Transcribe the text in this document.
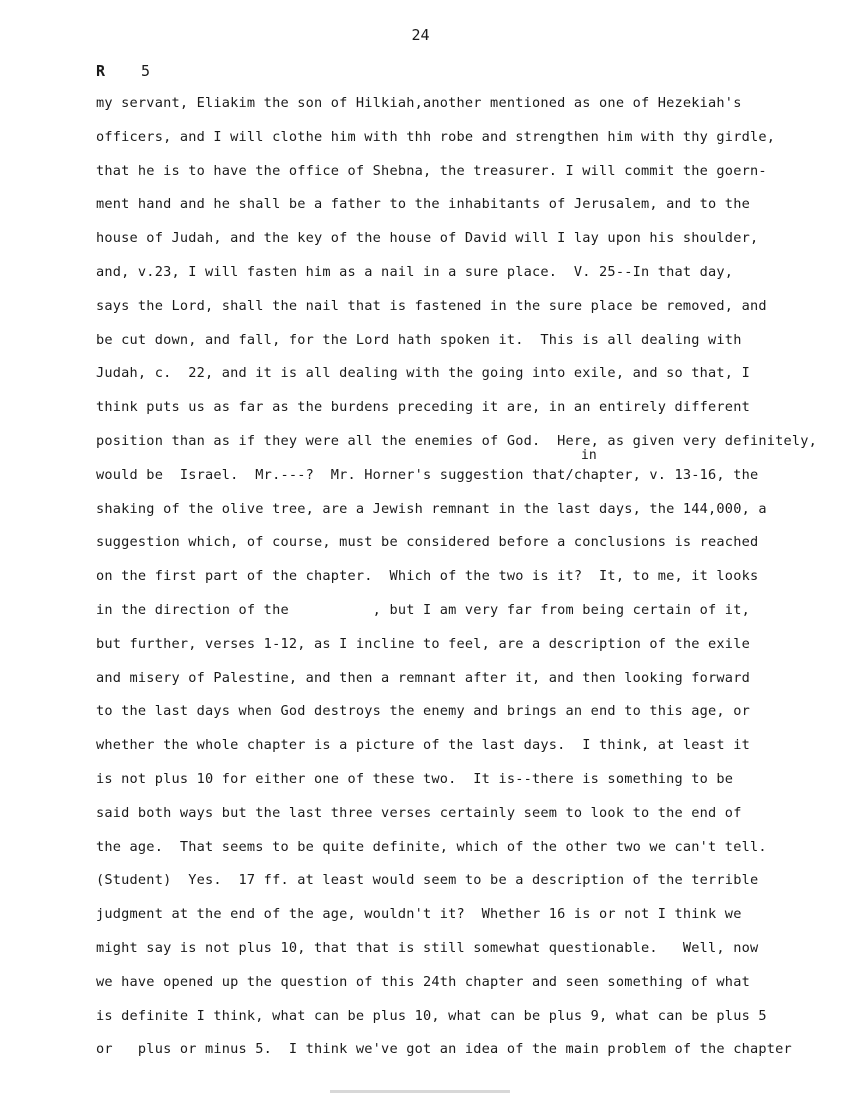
24
R 5
in
my servant, Eliakim the son of Hilkiah,another mentioned as one of Hezekiah's
officers, and I will clothe him with thh robe and strengthen him with thy girdle,
that he is to have the office of Shebna, the treasurer. I will commit the goern-
ment hand and he shall be a father to the inhabitants of Jerusalem, and to the
house of Judah, and the key of the house of David will I lay upon his shoulder,
and, v.23, I will fasten him as a nail in a sure place.  V. 25--In that day,
says the Lord, shall the nail that is fastened in the sure place be removed, and
be cut down, and fall, for the Lord hath spoken it.  This is all dealing with
Judah, c.  22, and it is all dealing with the going into exile, and so that, I
think puts us as far as the burdens preceding it are, in an entirely different
position than as if they were all the enemies of God.  Here, as given very definitely,
would be  Israel.  Mr.---?  Mr. Horner's suggestion that/chapter, v. 13-16, the
shaking of the olive tree, are a Jewish remnant in the last days, the 144,000, a
suggestion which, of course, must be considered before a conclusions is reached
on the first part of the chapter.  Which of the two is it?  It, to me, it looks
in the direction of the          , but I am very far from being certain of it,
but further, verses 1-12, as I incline to feel, are a description of the exile
and misery of Palestine, and then a remnant after it, and then looking forward
to the last days when God destroys the enemy and brings an end to this age, or
whether the whole chapter is a picture of the last days.  I think, at least it
is not plus 10 for either one of these two.  It is--there is something to be
said both ways but the last three verses certainly seem to look to the end of
the age.  That seems to be quite definite, which of the other two we can't tell.
(Student)  Yes.  17 ff. at least would seem to be a description of the terrible
judgment at the end of the age, wouldn't it?  Whether 16 is or not I think we
might say is not plus 10, that that is still somewhat questionable.   Well, now
we have opened up the question of this 24th chapter and seen something of what
is definite I think, what can be plus 10, what can be plus 9, what can be plus 5
or   plus or minus 5.  I think we've got an idea of the main problem of the chapter
